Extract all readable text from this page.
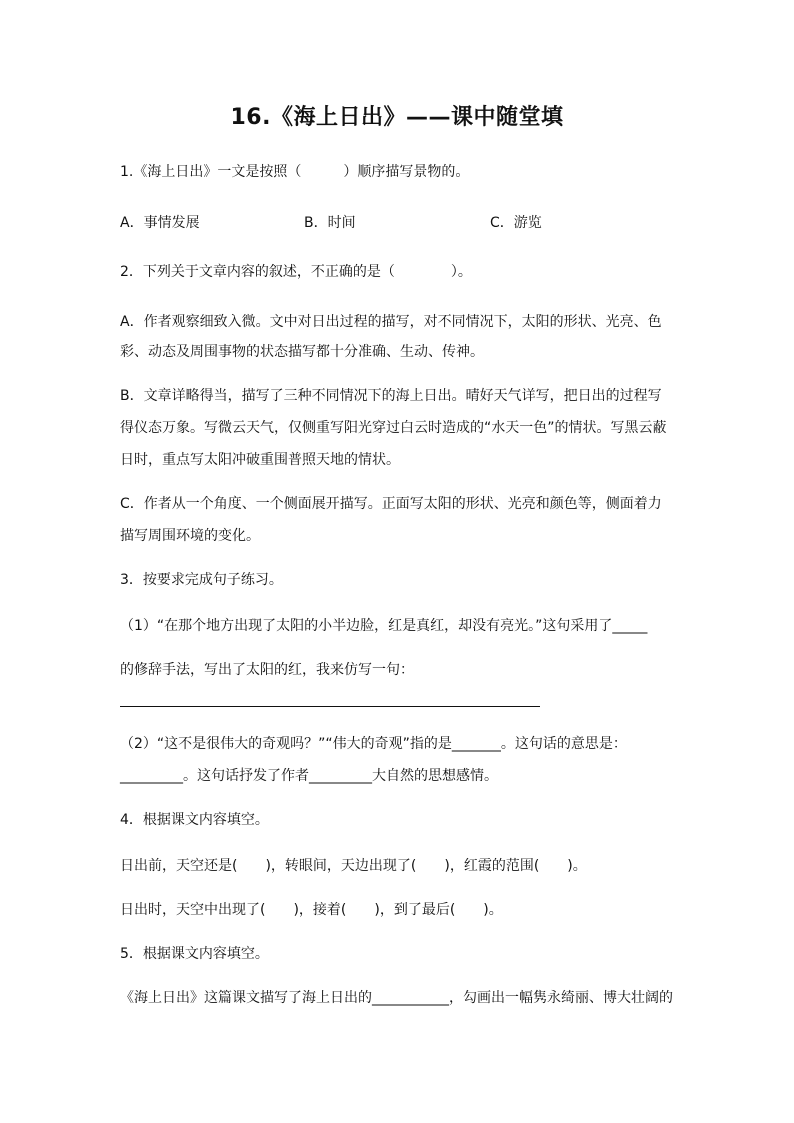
16.《海上日出》——课中随堂填
1.《海上日出》一文是按照（　　　）顺序描写景物的。
A．事情发展	B．时间	C．游览
2．下列关于文章内容的叙述，不正确的是（　　　　）。
A．作者观察细致入微。文中对日出过程的描写，对不同情况下，太阳的形状、光亮、色
彩、动态及周围事物的状态描写都十分准确、生动、传神。
B．文章详略得当，描写了三种不同情况下的海上日出。晴好天气详写，把日出的过程写
得仪态万象。写微云天气，仅侧重写阳光穿过白云时造成的“水天一色”的情状。写黑云蔽
日时，重点写太阳冲破重围普照天地的情状。
C．作者从一个角度、一个侧面展开描写。正面写太阳的形状、光亮和颜色等，侧面着力
描写周围环境的变化。
3．按要求完成句子练习。
（1）“在那个地方出现了太阳的小半边脸，红是真红，却没有亮光。”这句采用了_____
的修辞手法，写出了太阳的红，我来仿写一句：
（2）“这不是很伟大的奇观吗？”“伟大的奇观”指的是_______。这句话的意思是：
_________。这句话抒发了作者_________大自然的思想感情。
4．根据课文内容填空。
日出前，天空还是(　　)，转眼间，天边出现了(　　)，红霞的范围(　　)。
日出时，天空中出现了(　　)，接着(　　)，到了最后(　　)。
5．根据课文内容填空。
《海上日出》这篇课文描写了海上日出的___________，勾画出一幅隽永绮丽、博大壮阔的
